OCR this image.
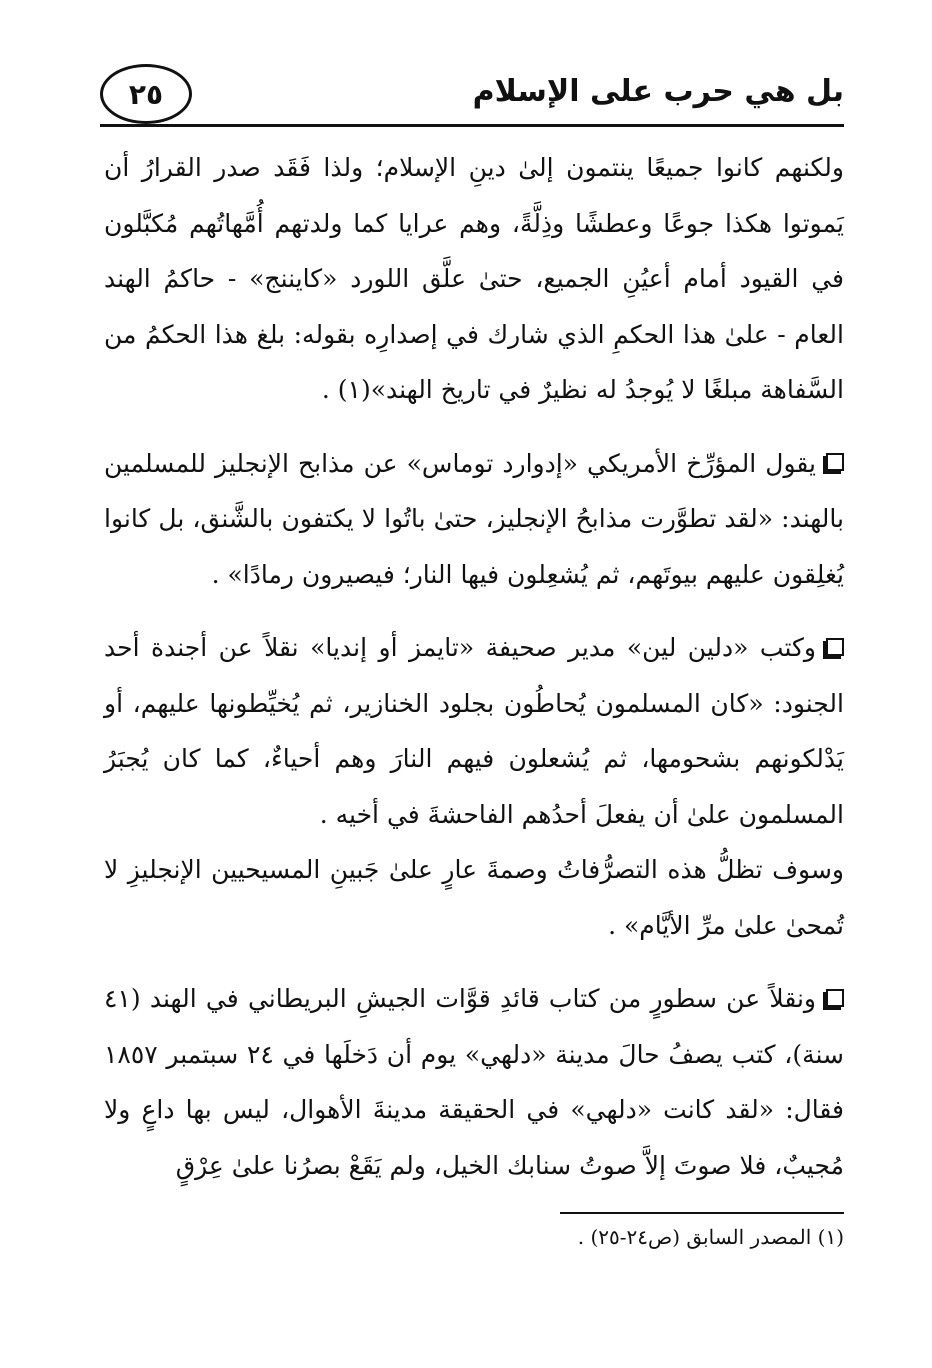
بل هي حرب على الإسلام
٢٥

ولكنهم كانوا جميعًا ينتمون إلىٰ دينِ الإسلام؛ ولذا فَقَد صدر القرارُ أن يَموتوا هكذا جوعًا وعطشًا وذِلَّةً، وهم عرايا كما ولدتهم أُمَّهاتُهم مُكبَّلون في القيود أمام أعيُنِ الجميع، حتىٰ علَّق اللورد «كايننج» - حاكمُ الهند العام - علىٰ هذا الحكمِ الذي شارك في إصدارِه بقوله: بلغ هذا الحكمُ من السَّفاهة مبلغًا لا يُوجدُ له نظيرٌ في تاريخ الهند»(١) .

يقول المؤرِّخ الأمريكي «إدوارد توماس» عن مذابح الإنجليز للمسلمين بالهند: «لقد تطوَّرت مذابحُ الإنجليز، حتىٰ باتُوا لا يكتفون بالشَّنق، بل كانوا يُغلِقون عليهم بيوتَهم، ثم يُشعِلون فيها النار؛ فيصيرون رمادًا» .

وكتب «دلين لين» مدير صحيفة «تايمز أو إنديا» نقلاً عن أجندة أحد الجنود: «كان المسلمون يُحاطُون بجلود الخنازير، ثم يُخيِّطونها عليهم، أو يَدْلكونهم بشحومها، ثم يُشعلون فيهم النارَ وهم أحياءٌ، كما كان يُجبَرُ المسلمون علىٰ أن يفعلَ أحدُهم الفاحشةَ في أخيه .

وسوف تظلُّ هذه التصرُّفاتُ وصمةَ عارٍ علىٰ جَبينِ المسيحيين الإنجليزِ لا تُمحىٰ علىٰ مرِّ الأيَّام» .

ونقلاً عن سطورٍ من كتاب قائدِ قوَّات الجيشِ البريطاني في الهند (٤١ سنة)، كتب يصفُ حالَ مدينة «دلهي» يوم أن دَخلَها في ٢٤ سبتمبر ١٨٥٧ فقال: «لقد كانت «دلهي» في الحقيقة مدينةَ الأهوال، ليس بها داعٍ ولا مُجيبٌ، فلا صوتَ إلاَّ صوتُ سنابك الخيل، ولم يَقَعْ بصرُنا علىٰ عِرْقٍ

(١) المصدر السابق (ص٢٤-٢٥) .
